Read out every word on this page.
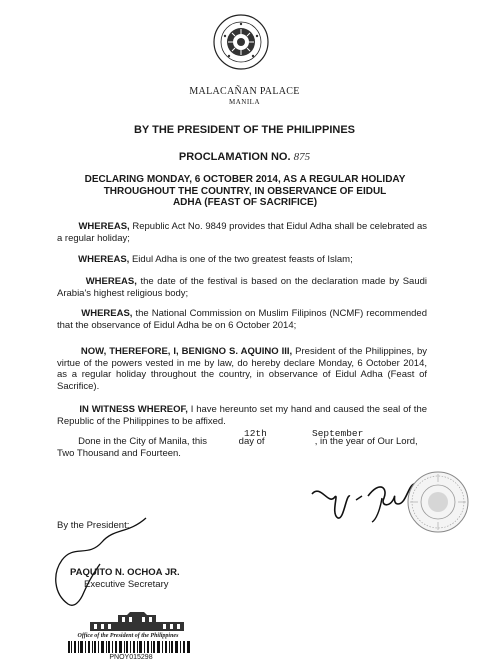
MALACAÑAN PALACE
MANILA
BY THE PRESIDENT OF THE PHILIPPINES
PROCLAMATION NO. 875
DECLARING MONDAY, 6 OCTOBER 2014, AS A REGULAR HOLIDAY
THROUGHOUT THE COUNTRY, IN OBSERVANCE OF EIDUL
ADHA (FEAST OF SACRIFICE)
WHEREAS, Republic Act No. 9849 provides that Eidul Adha shall be celebrated as a regular holiday;
WHEREAS, Eidul Adha is one of the two greatest feasts of Islam;
WHEREAS, the date of the festival is based on the declaration made by Saudi Arabia's highest religious body;
WHEREAS, the National Commission on Muslim Filipinos (NCMF) recommended that the observance of Eidul Adha be on 6 October 2014;
NOW, THEREFORE, I, BENIGNO S. AQUINO III, President of the Philippines, by virtue of the powers vested in me by law, do hereby declare Monday, 6 October 2014, as a regular holiday throughout the country, in observance of Eidul Adha (Feast of Sacrifice).
IN WITNESS WHEREOF, I have hereunto set my hand and caused the seal of the Republic of the Philippines to be affixed.
Done in the City of Manila, this	day of	, in the year of Our Lord, Two Thousand and Fourteen.
12th	September
By the President:
PAQUITO N. OCHOA JR.
Executive Secretary
Office of the President of the Philippines
PNOY015298
